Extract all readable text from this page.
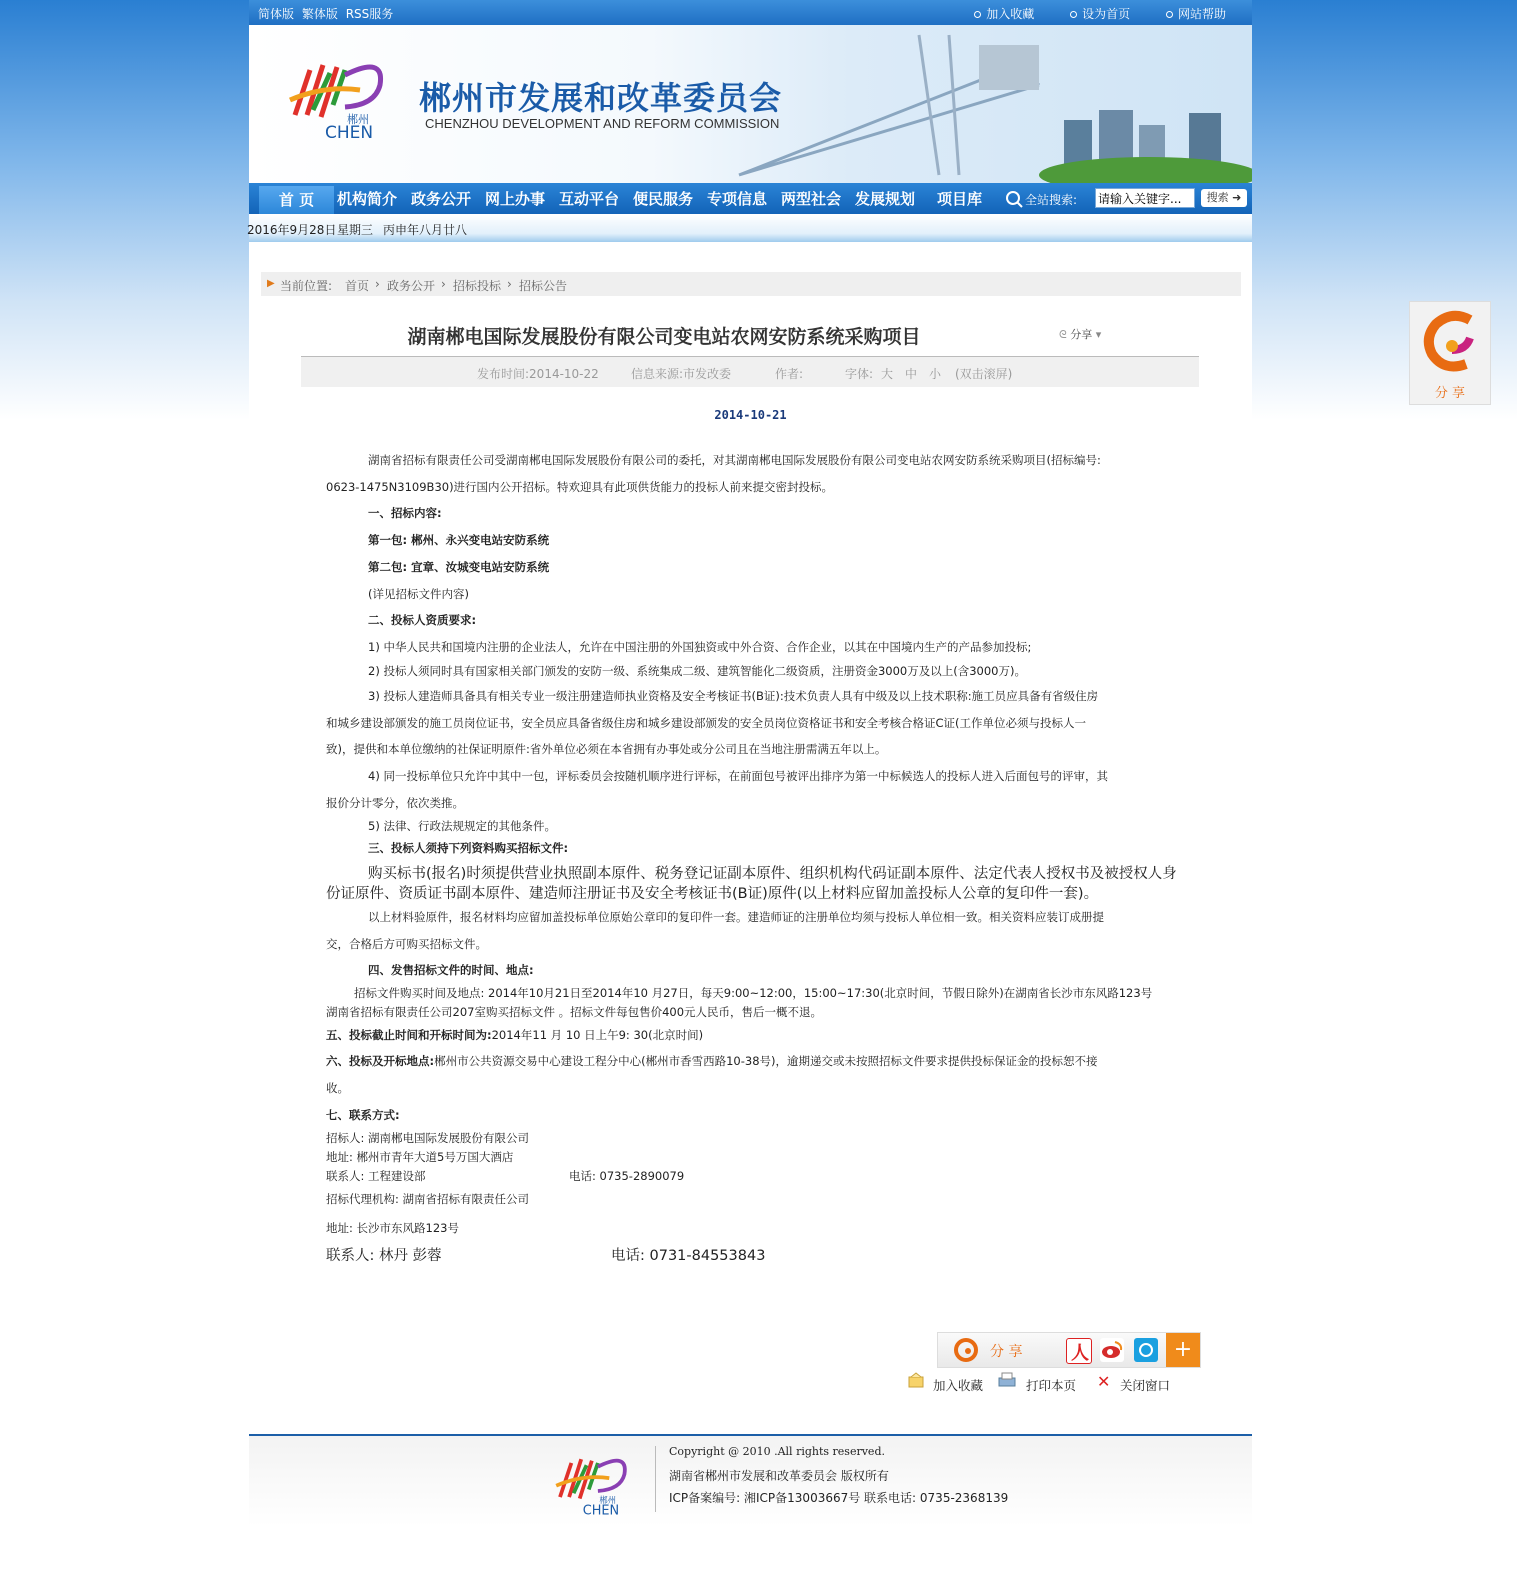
简体版 繁体版 RSS服务	加入收藏	设为首页	网站帮助
郴州
CHEN
郴州市发展和改革委员会
CHENZHOU DEVELOPMENT AND REFORM COMMISSION
首 页	机构简介 政务公开 网上办事 互动平台 便民服务 专项信息 两型社会 发展规划 项目库	全站搜索:
请输入关键字...	搜索 ➜
2016年9月28日 星期三 丙申年八月廿八
▶ 当前位置: 首页 › 政务公开 › 招标投标 › 招标公告
湖南郴电国际发展股份有限公司变电站农网安防系统采购项目	ᘓ 分享 ▾
发布时间:2014-10-22	信息来源:市发改委	作者:	字体: 大 中 小 (双击滚屏)
2014-10-21
湖南省招标有限责任公司受湖南郴电国际发展股份有限公司的委托，对其湖南郴电国际发展股份有限公司变电站农网安防系统采购项目(招标编号:
0623-1475N3109B30)进行国内公开招标。特欢迎具有此项供货能力的投标人前来提交密封投标。
一、招标内容:
第一包: 郴州、永兴变电站安防系统
第二包: 宜章、汝城变电站安防系统
(详见招标文件内容)
二、投标人资质要求:
1) 中华人民共和国境内注册的企业法人，允许在中国注册的外国独资或中外合资、合作企业，以其在中国境内生产的产品参加投标;
2) 投标人须同时具有国家相关部门颁发的安防一级、系统集成二级、建筑智能化二级资质，注册资金3000万及以上(含3000万)。
3) 投标人建造师具备具有相关专业一级注册建造师执业资格及安全考核证书(B证):技术负责人具有中级及以上技术职称:施工员应具备有省级住房
和城乡建设部颁发的施工员岗位证书，安全员应具备省级住房和城乡建设部颁发的安全员岗位资格证书和安全考核合格证C证(工作单位必须与投标人一
致)，提供和本单位缴纳的社保证明原件:省外单位必须在本省拥有办事处或分公司且在当地注册需满五年以上。
4) 同一投标单位只允许中其中一包，评标委员会按随机顺序进行评标，在前面包号被评出排序为第一中标候选人的投标人进入后面包号的评审，其
报价分计零分，依次类推。
5) 法律、行政法规规定的其他条件。
三、投标人须持下列资料购买招标文件:
购买标书(报名)时须提供营业执照副本原件、税务登记证副本原件、组织机构代码证副本原件、法定代表人授权书及被授权人身
份证原件、资质证书副本原件、建造师注册证书及安全考核证书(B证)原件(以上材料应留加盖投标人公章的复印件一套)。
以上材料验原件，报名材料均应留加盖投标单位原始公章印的复印件一套。建造师证的注册单位均须与投标人单位相一致。相关资料应装订成册提
交，合格后方可购买招标文件。
四、发售招标文件的时间、地点:
招标文件购买时间及地点: 2014年10月21日至2014年10 月27日，每天9:00~12:00，15:00~17:30(北京时间，节假日除外)在湖南省长沙市东风路123号
湖南省招标有限责任公司207室购买招标文件 。招标文件每包售价400元人民币，售后一概不退。
五、投标截止时间和开标时间为:2014年11 月 10 日上午9: 30(北京时间)
六、投标及开标地点:郴州市公共资源交易中心建设工程分中心(郴州市香雪西路10-38号)，逾期递交或未按照招标文件要求提供投标保证金的投标恕不接
收。
七、联系方式:
招标人: 湖南郴电国际发展股份有限公司
地址: 郴州市青年大道5号万国大酒店
联系人: 工程建设部	电话: 0735-2890079
招标代理机构: 湖南省招标有限责任公司
地址: 长沙市东风路123号
联系人: 林丹 彭蓉	电话: 0731-84553843
分 享	人	+
加入收藏	打印本页 ✕ 关闭窗口
郴州
CHEN
Copyright @ 2010 .All rights reserved.
湖南省郴州市发展和改革委员会 版权所有
ICP备案编号: 湘ICP备13003667号 联系电话: 0735-2368139
分 享
